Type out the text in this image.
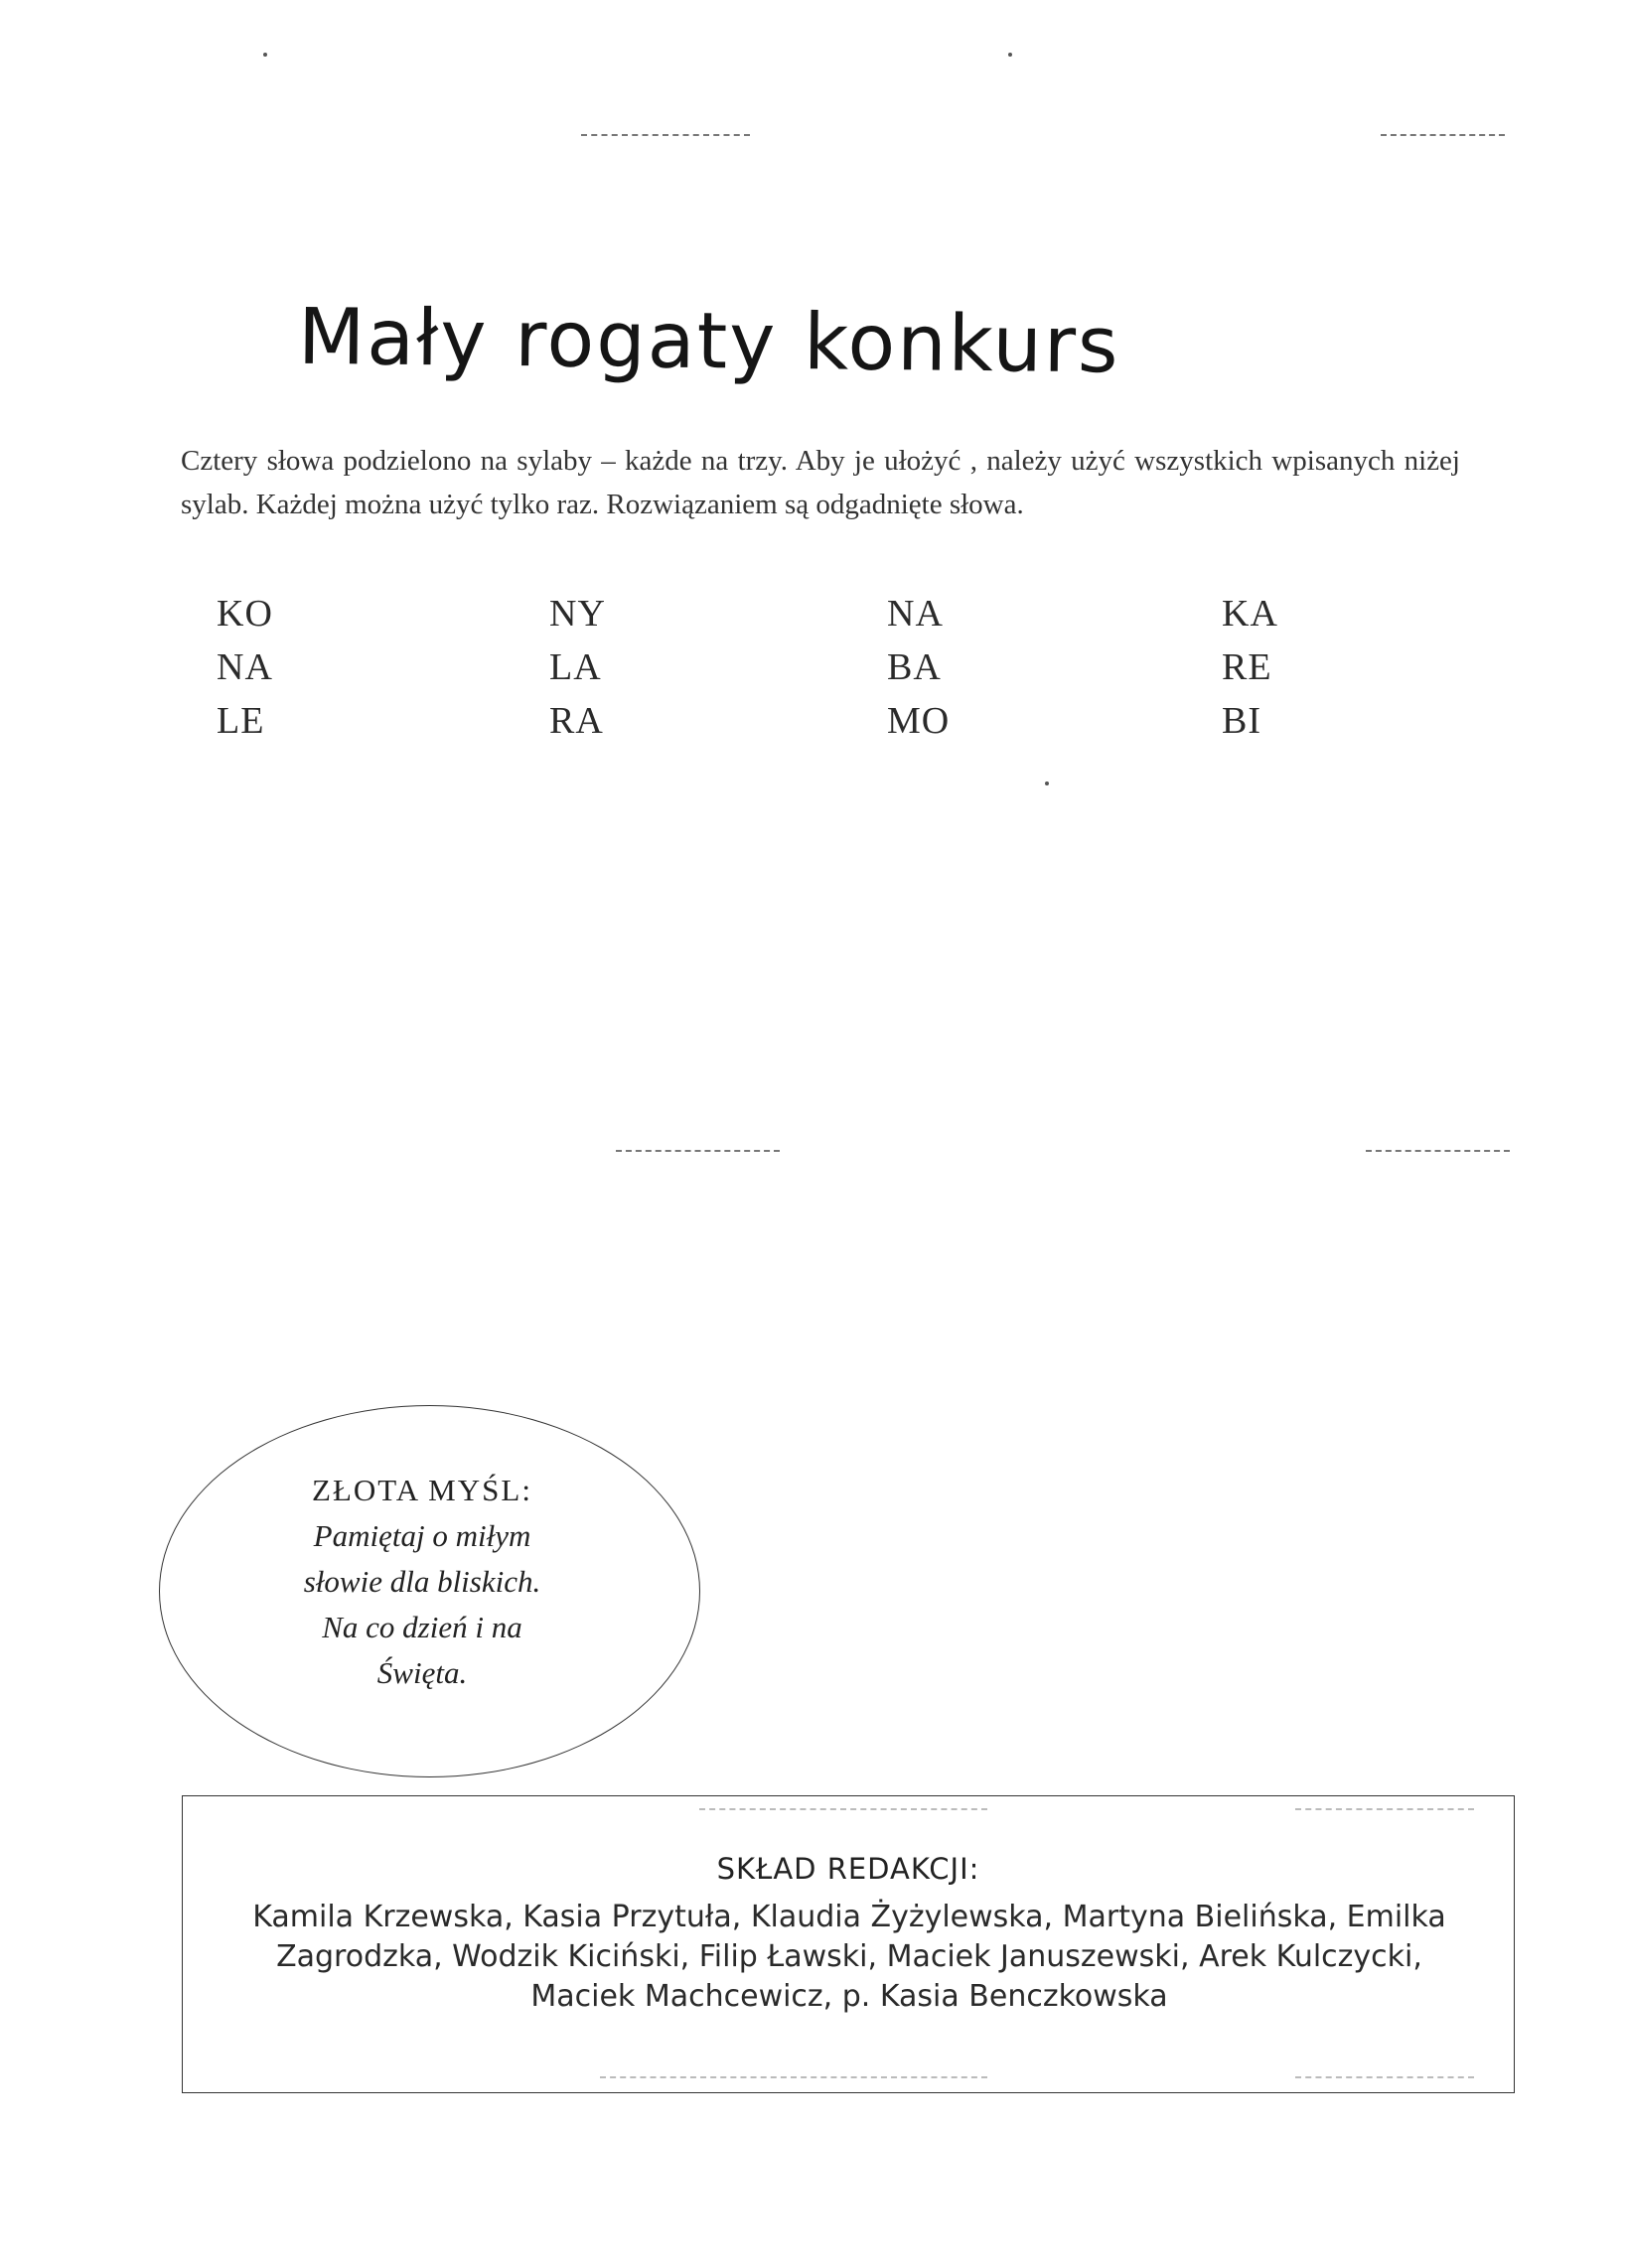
Mały rogaty konkurs

Cztery słowa podzielono na sylaby – każde na trzy. Aby je ułożyć , należy użyć wszystkich wpisanych niżej sylab. Każdej można użyć tylko raz. Rozwiązaniem są odgadnięte słowa.

KO
NA
LE
NY
LA
RA
NA
BA
MO
KA
RE
BI
ZŁOTA MYŚL:
Pamiętaj o miłym
słowie dla bliskich.
Na co dzień i na
Święta.
SKŁAD REDAKCJI:
Kamila Krzewska, Kasia Przytuła, Klaudia Żyżylewska, Martyna Bielińska, Emilka Zagrodzka, Wodzik Kiciński, Filip Ławski, Maciek Januszewski, Arek Kulczycki, Maciek Machcewicz, p. Kasia Benczkowska
